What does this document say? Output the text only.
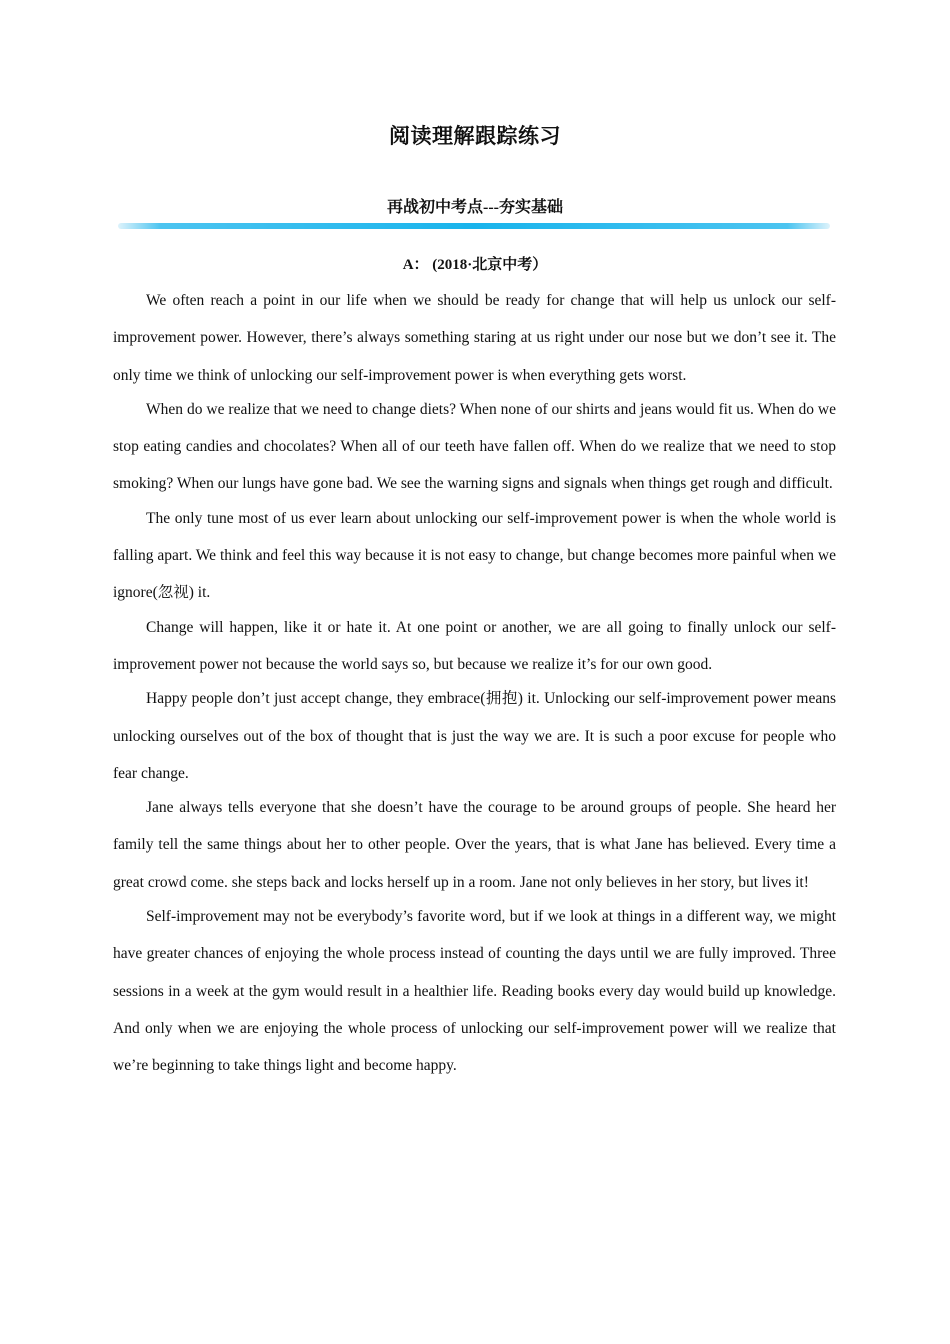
阅读理解跟踪练习
再战初中考点---夯实基础
A： (2018·北京中考）

We often reach a point in our life when we should be ready for change that will help us unlock our self-improvement power. However, there’s always something staring at us right under our nose but we don’t see it. The only time we think of unlocking our self-improvement power is when everything gets worst.

When do we realize that we need to change diets? When none of our shirts and jeans would fit us. When do we stop eating candies and chocolates? When all of our teeth have fallen off. When do we realize that we need to stop smoking? When our lungs have gone bad. We see the warning signs and signals when things get rough and difficult.

The only tune most of us ever learn about unlocking our self-improvement power is when the whole world is falling apart. We think and feel this way because it is not easy to change, but change becomes more painful when we ignore(忽视) it.

Change will happen, like it or hate it. At one point or another, we are all going to finally unlock our self-improvement power not because the world says so, but because we realize it’s for our own good.

Happy people don’t just accept change, they embrace(拥抱) it. Unlocking our self-improvement power means unlocking ourselves out of the box of thought that is just the way we are. It is such a poor excuse for people who fear change.

Jane always tells everyone that she doesn’t have the courage to be around groups of people. She heard her family tell the same things about her to other people. Over the years, that is what Jane has believed. Every time a great crowd come. she steps back and locks herself up in a room. Jane not only believes in her story, but lives it!

Self-improvement may not be everybody’s favorite word, but if we look at things in a different way, we might have greater chances of enjoying the whole process instead of counting the days until we are fully improved. Three sessions in a week at the gym would result in a healthier life. Reading books every day would build up knowledge. And only when we are enjoying the whole process of unlocking our self-improvement power will we realize that we’re beginning to take things light and become happy.
